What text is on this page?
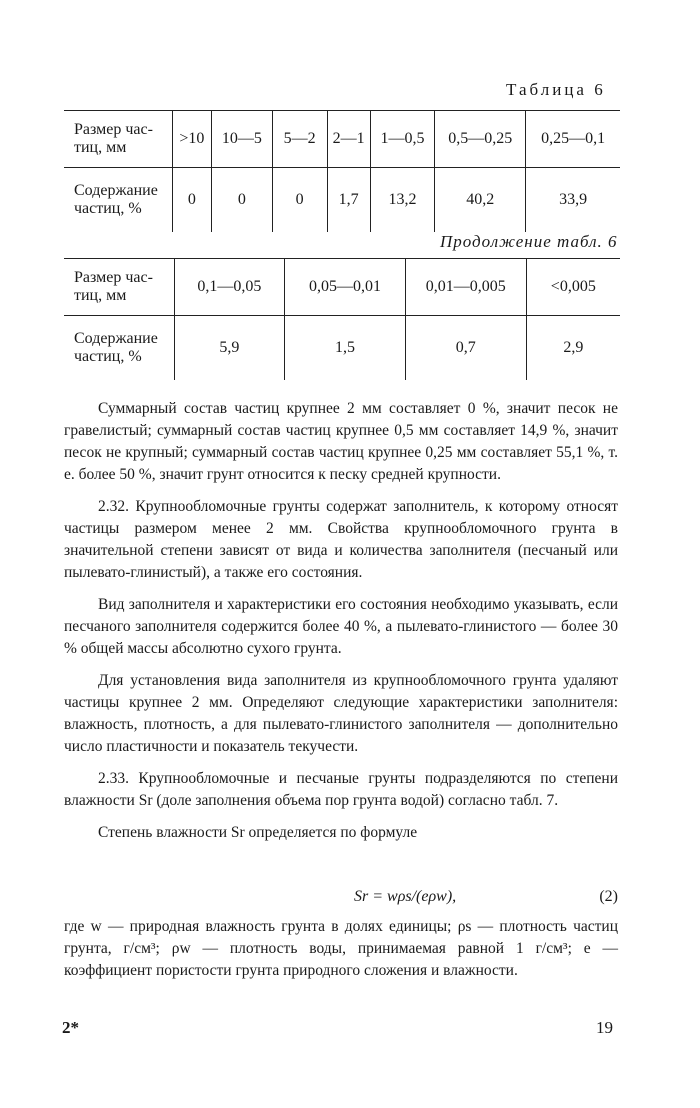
Таблица 6
Размер час-
тиц, мм	>10	10—5	5—2	2—1	1—0,5	0,5—0,25	0,25—0,1
Содержание
частиц, %	0	0	0	1,7	13,2	40,2	33,9
Продолжение табл. 6
Размер час-
тиц, мм	0,1—0,05	0,05—0,01	0,01—0,005	<0,005
Содержание
частиц, %	5,9	1,5	0,7	2,9

Суммарный состав частиц крупнее 2 мм составляет 0 %, значит песок не гравелистый; суммарный состав частиц крупнее 0,5 мм составляет 14,9 %, значит песок не крупный; суммарный состав частиц крупнее 0,25 мм составляет 55,1 %, т. е. более 50 %, значит грунт относится к песку средней крупности.

2.32. Крупнообломочные грунты содержат заполнитель, к которому относят частицы размером менее 2 мм. Свойства крупнообломочного грунта в значительной степени зависят от вида и количества заполнителя (песчаный или пылевато-глинистый), а также его состояния.

Вид заполнителя и характеристики его состояния необходимо указывать, если песчаного заполнителя содержится более 40 %, а пылевато-глинистого — более 30 % общей массы абсолютно сухого грунта.

Для установления вида заполнителя из крупнообломочного грунта удаляют частицы крупнее 2 мм. Определяют следующие характеристики заполнителя: влажность, плотность, а для пылевато-глинистого заполнителя — дополнительно число пластичности и показатель текучести.

2.33. Крупнообломочные и песчаные грунты подразделяются по степени влажности Sr (доле заполнения объема пор грунта водой) согласно табл. 7.

Степень влажности Sr определяется по формуле

Sr = wρs/(eρw),	(2)

где w — природная влажность грунта в долях единицы; ρs — плотность частиц грунта, г/см³; ρw — плотность воды, принимаемая равной 1 г/см³; e — коэффициент пористости грунта природного сложения и влажности.

2*	19
